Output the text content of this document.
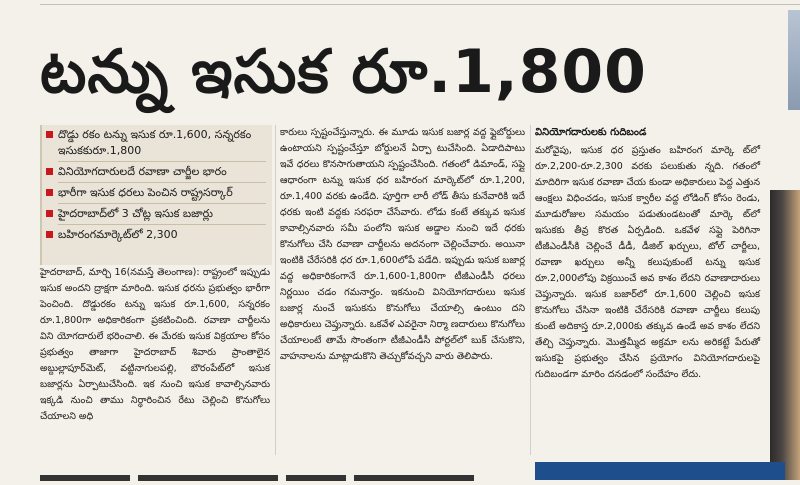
టన్ను ఇసుక రూ.1,800
దొడ్డు రకం టన్ను ఇసుక రూ.1,600, సన్నరకం ఇసుకకురూ.1,800
వినియోగదారులదే రవాణా చార్జీల భారం
భారీగా ఇసుక ధరలు పెంచిన రాష్ట్రసర్కార్
హైదరాబాద్‌లో 3 చోట్ల ఇసుక బజార్లు
బహిరంగమార్కెట్‌లో 2,300

హైదరాబాద్, మార్చి 16(నమస్తే తెలంగాణ): రాష్ట్రంలో ఇప్పుడు ఇసుక అందని ద్రాక్షగా మారింది. ఇసుక ధరను ప్రభుత్వం భారీగా పెంచింది. దొడ్డురకం టన్ను ఇసుక రూ.1,600, సన్నరకం రూ.1,800గా అధికారికంగా ప్రకటించింది. రవాణా చార్జీలను విని యోగదారులే భరించాలి. ఈ మేరకు ఇసుక విక్రయాల కోసం ప్రభుత్వం తాజాగా హైదరాబాద్ శివారు ప్రాంతాలైన అబ్దుల్లాపూర్‌మెట్, వట్టినాగులపల్లి, బౌరంపేట్‌లో ఇసుక బజార్లను ఏర్పాటుచేసింది. ఇక నుంచి ఇసుక కావాల్సినవారు ఇక్కడి నుంచి తాము నిర్ధారించిన రేటు చెల్లించి కొనుగోలు చేయాలని అధి

కారులు స్పష్టంచేస్తున్నారు. ఈ మూడు ఇసుక బజార్ల వద్ద ఫ్లైబోర్డులు ఉంటాయని స్పష్టంచేస్తూ బోర్డులనే ఏర్పా టుచేసింది. ఏడాదిపాటు ఇవే ధరలు కొనసాగుతాయని స్పష్టంచేసింది. గతంలో డిమాండ్, సప్లై ఆధారంగా టన్ను ఇసుక ధర బహిరంగ మార్కెట్‌లో రూ.1,200, రూ.1,400 వరకు ఉండేది. పూర్తిగా లారీ లోడ్ తీసు కునేవారికి ఇదే ధరకు ఇంటి వద్దకు సరఫరా చేసేవారు. లోడు కంటే తక్కువ ఇసుక కావాల్సినవారు సమీ పంలోని ఇసుక అడ్డాల నుంచి ఇదే ధరకు కొనుగోలు చేసి రవాణా చార్జీలను అదనంగా చెల్లించేవారు. అయినా ఇంటికి చేరేసరికి ధర రూ.1,600లోపే పడేది. ఇప్పుడు ఇసుక బజార్ల వద్ద అధికారికంగానే రూ.1,600-1,800గా టీజీఎండీసీ ధరలు నిర్ణయిం చడం గమనార్హం. ఇకనుంచి వినియోగదారులు ఇసుక బజార్ల నుంచే ఇసుకను కొనుగోలు చేయాల్సి ఉంటుం దని అధికారులు చెప్తున్నారు. ఒకవేళ ఎవరైనా నిర్మా ణదారులు కొనుగోలు చేయాలంటే తామే సొంతంగా టీజీఎండీసీ పోర్టల్‌లో బుక్ చేసుకొని, వాహనాలను మాట్లాడుకొని తెచ్చుకోవచ్చని వారు తెలిపారు.

వినియోగదారులకు గుదిబండ

మరోవైపు, ఇసుక ధర ప్రస్తుతం బహిరంగ మార్కె ట్‌లో రూ.2,200-రూ.2,300 వరకు పలుకుతు న్నది. గతంలో మాదిరిగా ఇసుక రవాణా చేయ కుండా అధికారులు పెద్ద ఎత్తున ఆంక్షలు విధించడం, ఇసుక క్వారీల వద్ద లోడింగ్ కోసం రెండు, మూడురోజుల సమయం పడుతుండటంతో మార్కె ట్‌లో ఇసుకకు తీవ్ర కొరత ఏర్పడింది. ఒకవేళ సప్లై పెరిగినా టీజీఎండీసీకి చెల్లించే డీడీ, డీజిల్ ఖర్చులు, టోల్ చార్జీలు, రవాణా ఖర్చులు అన్నీ కలుపుకుంటే టన్ను ఇసుక రూ.2,000లోపు విక్రయించే అవ కాశం లేదని రవాణాదారులు చెప్తున్నారు. ఇసుక బజార్‌లో రూ.1,600 చెల్లించి ఇసుక కొనుగోలు చేసినా ఇంటికి చేరేసరికి రవాణా చార్జీలు కలుపు కుంటే అదికాస్త రూ.2,000కు తక్కువ ఉండే అవ కాశం లేదని తేల్చి చెప్తున్నారు. మొత్తమ్మీద అక్రమా లను అరికట్టే పేరుతో ఇసుకపై ప్రభుత్వం చేసిన ప్రయోగం వినియోగదారులపై గుదిబండగా మారిం దనడంలో సందేహం లేదు.
